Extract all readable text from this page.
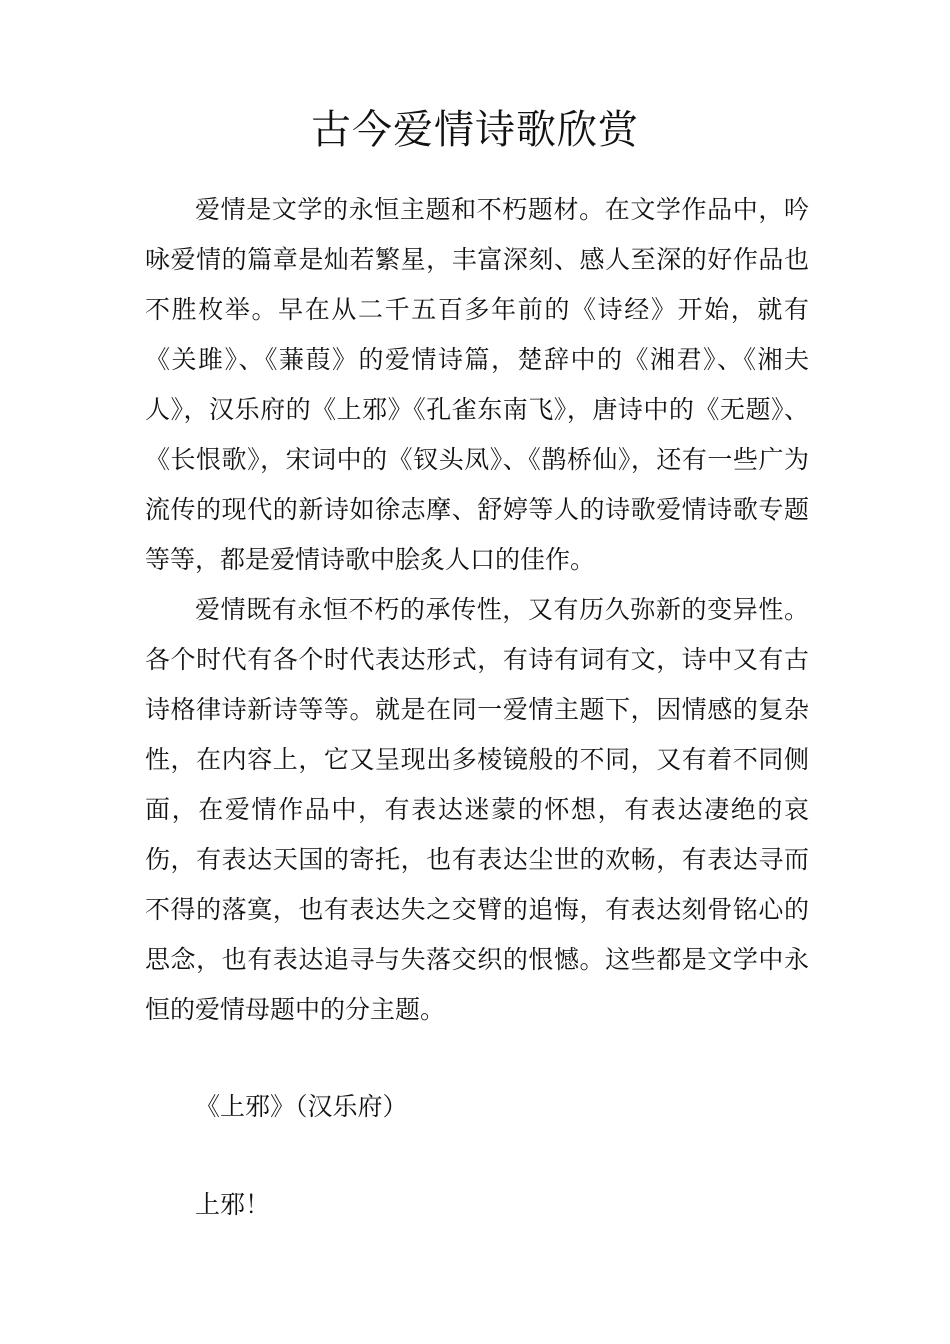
古今爱情诗歌欣赏

爱情是文学的永恒主题和不朽题材。在文学作品中，吟咏爱情的篇章是灿若繁星，丰富深刻、感人至深的好作品也不胜枚举。早在从二千五百多年前的《诗经》开始，就有《关雎》、《蒹葭》的爱情诗篇，楚辞中的《湘君》、《湘夫人》，汉乐府的《上邪》《孔雀东南飞》，唐诗中的《无题》、《长恨歌》，宋词中的《钗头凤》、《鹊桥仙》，还有一些广为流传的现代的新诗如徐志摩、舒婷等人的诗歌爱情诗歌专题等等，都是爱情诗歌中脍炙人口的佳作。

爱情既有永恒不朽的承传性，又有历久弥新的变异性。各个时代有各个时代表达形式，有诗有词有文，诗中又有古诗格律诗新诗等等。就是在同一爱情主题下，因情感的复杂性，在内容上，它又呈现出多棱镜般的不同，又有着不同侧面，在爱情作品中，有表达迷蒙的怀想，有表达凄绝的哀伤，有表达天国的寄托，也有表达尘世的欢畅，有表达寻而不得的落寞，也有表达失之交臂的追悔，有表达刻骨铭心的思念，也有表达追寻与失落交织的恨憾。这些都是文学中永恒的爱情母题中的分主题。

《上邪》（汉乐府）
上邪！
